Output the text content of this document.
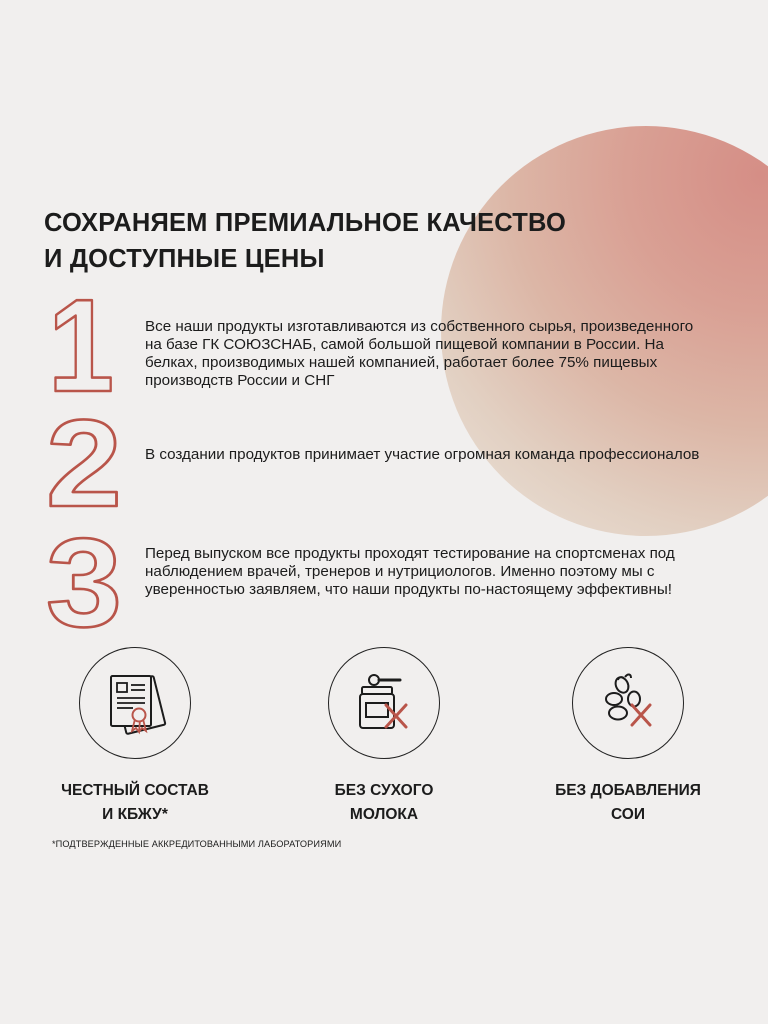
СОХРАНЯЕМ ПРЕМИАЛЬНОЕ КАЧЕСТВО
И ДОСТУПНЫЕ ЦЕНЫ
1 Все наши продукты изготавливаются из собственного сырья, произведенного на базе ГК СОЮЗСНАБ, самой большой пищевой компании в России. На белках, производимых нашей компанией, работает более 75% пищевых производств России и СНГ

2 В создании продуктов принимает участие огромная команда профессионалов

3 Перед выпуском все продукты проходят тестирование на спортсменах под наблюдением врачей, тренеров и нутрициологов. Именно поэтому мы с уверенностью заявляем, что наши продукты по-настоящему эффективны!

ЧЕСТНЫЙ СОСТАВ
И КБЖУ*
БЕЗ СУХОГО
МОЛОКА
БЕЗ ДОБАВЛЕНИЯ
СОИ
*ПОДТВЕРЖДЕННЫЕ АККРЕДИТОВАННЫМИ ЛАБОРАТОРИЯМИ
